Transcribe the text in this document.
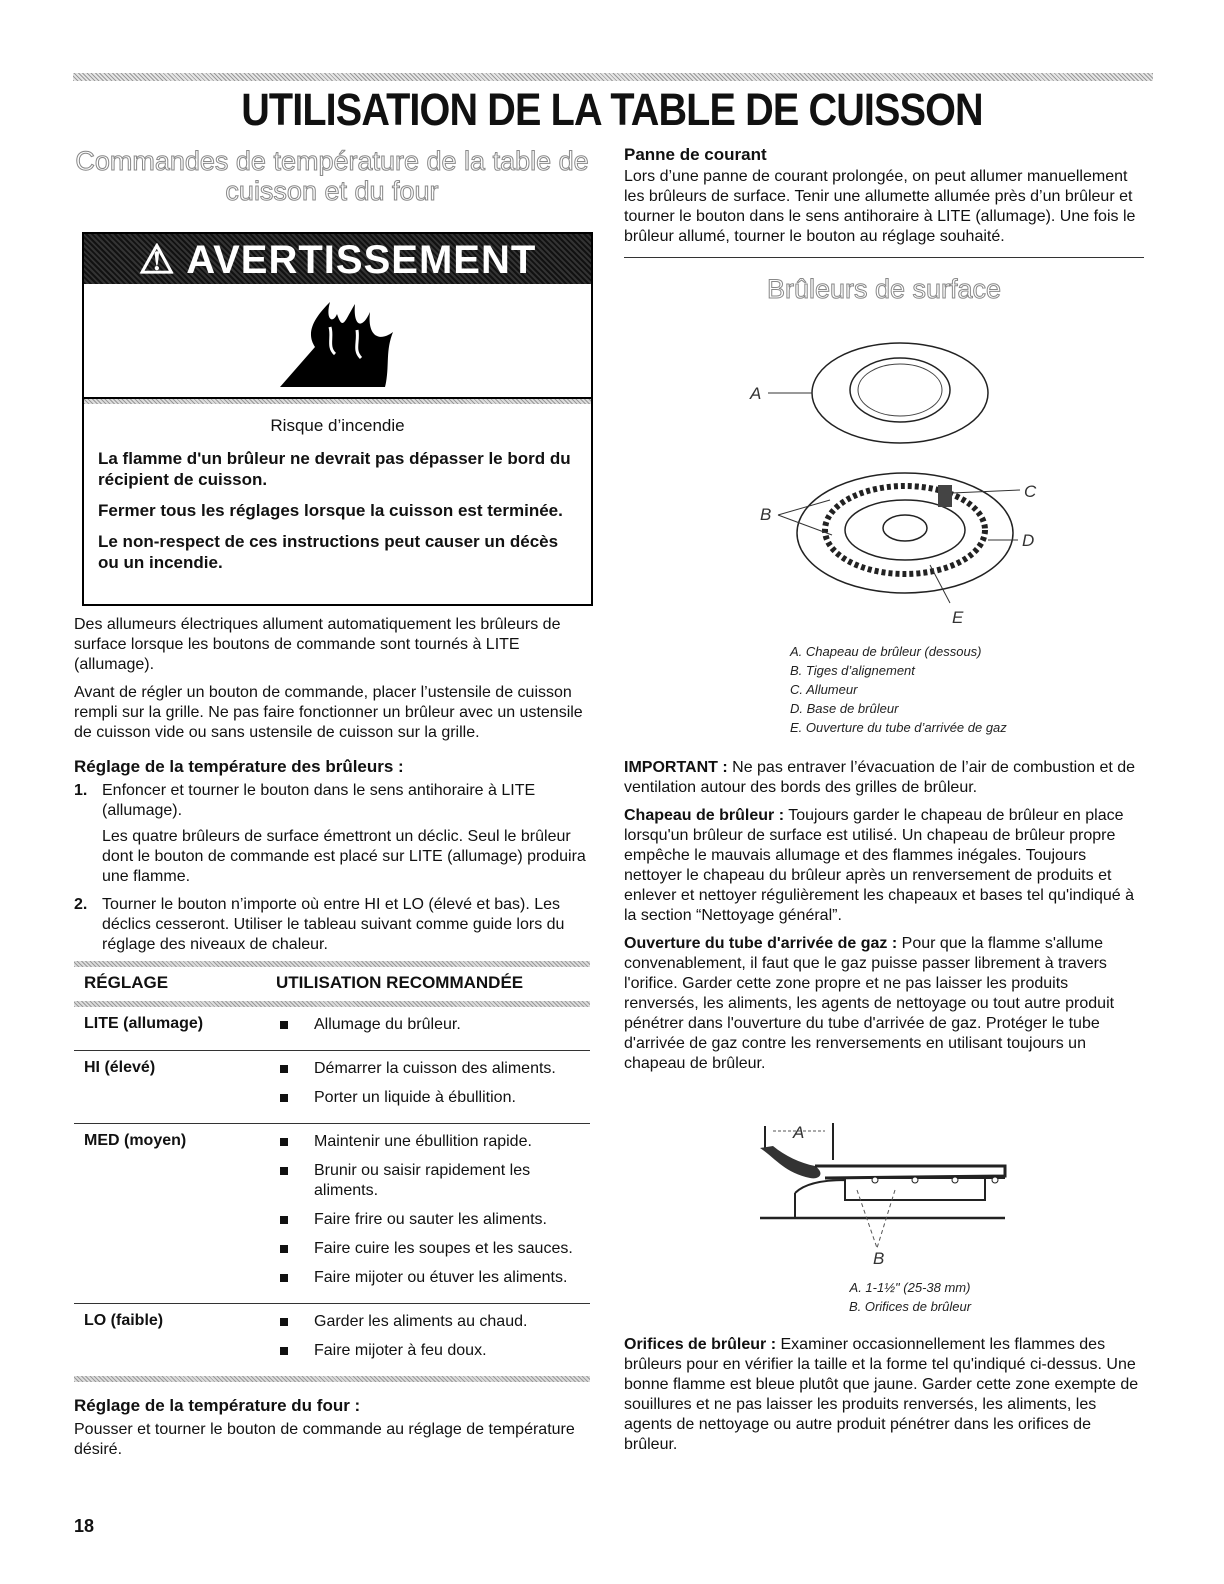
UTILISATION DE LA TABLE DE CUISSON
Commandes de température de la table de cuisson et du four
⚠ AVERTISSEMENT
Risque d’incendie

La flamme d'un brûleur ne devrait pas dépasser le bord du récipient de cuisson.

Fermer tous les réglages lorsque la cuisson est terminée.

Le non-respect de ces instructions peut causer un décès ou un incendie.

Des allumeurs électriques allument automatiquement les brûleurs de surface lorsque les boutons de commande sont tournés à LITE (allumage).

Avant de régler un bouton de commande, placer l’ustensile de cuisson rempli sur la grille. Ne pas faire fonctionner un brûleur avec un ustensile de cuisson vide ou sans ustensile de cuisson sur la grille.

Réglage de la température des brûleurs :

1. Enfoncer et tourner le bouton dans le sens antihoraire à LITE (allumage).

Les quatre brûleurs de surface émettront un déclic. Seul le brûleur dont le bouton de commande est placé sur LITE (allumage) produira une flamme.

2. Tourner le bouton n’importe où entre HI et LO (élevé et bas). Les déclics cesseront. Utiliser le tableau suivant comme guide lors du réglage des niveaux de chaleur.
RÉGLAGE	UTILISATION RECOMMANDÉE

LITE (allumage)	Allumage du brûleur.

HI (élevé)	Démarrer la cuisson des aliments.
Porter un liquide à ébullition.

MED (moyen)	Maintenir une ébullition rapide.
Brunir ou saisir rapidement les aliments.
Faire frire ou sauter les aliments.
Faire cuire les soupes et les sauces.
Faire mijoter ou étuver les aliments.

LO (faible)	Garder les aliments au chaud.
Faire mijoter à feu doux.

Réglage de la température du four :

Pousser et tourner le bouton de commande au réglage de température désiré.

Panne de courant

Lors d’une panne de courant prolongée, on peut allumer manuellement les brûleurs de surface. Tenir une allumette allumée près d’un brûleur et tourner le bouton dans le sens antihoraire à LITE (allumage). Une fois le brûleur allumé, tourner le bouton au réglage souhaité.

Brûleurs de surface
A
B
C
D
E
A. Chapeau de brûleur (dessous)
B. Tiges d’alignement
C. Allumeur
D. Base de brûleur
E. Ouverture du tube d’arrivée de gaz

IMPORTANT : Ne pas entraver l’évacuation de l’air de combustion et de ventilation autour des bords des grilles de brûleur.

Chapeau de brûleur : Toujours garder le chapeau de brûleur en place lorsqu'un brûleur de surface est utilisé. Un chapeau de brûleur propre empêche le mauvais allumage et des flammes inégales. Toujours nettoyer le chapeau du brûleur après un renversement de produits et enlever et nettoyer régulièrement les chapeaux et bases tel qu'indiqué à la section “Nettoyage général”.

Ouverture du tube d'arrivée de gaz : Pour que la flamme s'allume convenablement, il faut que le gaz puisse passer librement à travers l'orifice. Garder cette zone propre et ne pas laisser les produits renversés, les aliments, les agents de nettoyage ou tout autre produit pénétrer dans l'ouverture du tube d'arrivée de gaz. Protéger le tube d'arrivée de gaz contre les renversements en utilisant toujours un chapeau de brûleur.

A
B
A. 1-1½" (25-38 mm)
B. Orifices de brûleur

Orifices de brûleur : Examiner occasionnellement les flammes des brûleurs pour en vérifier la taille et la forme tel qu'indiqué ci-dessus. Une bonne flamme est bleue plutôt que jaune. Garder cette zone exempte de souillures et ne pas laisser les produits renversés, les aliments, les agents de nettoyage ou autre produit pénétrer dans les orifices de brûleur.

18
